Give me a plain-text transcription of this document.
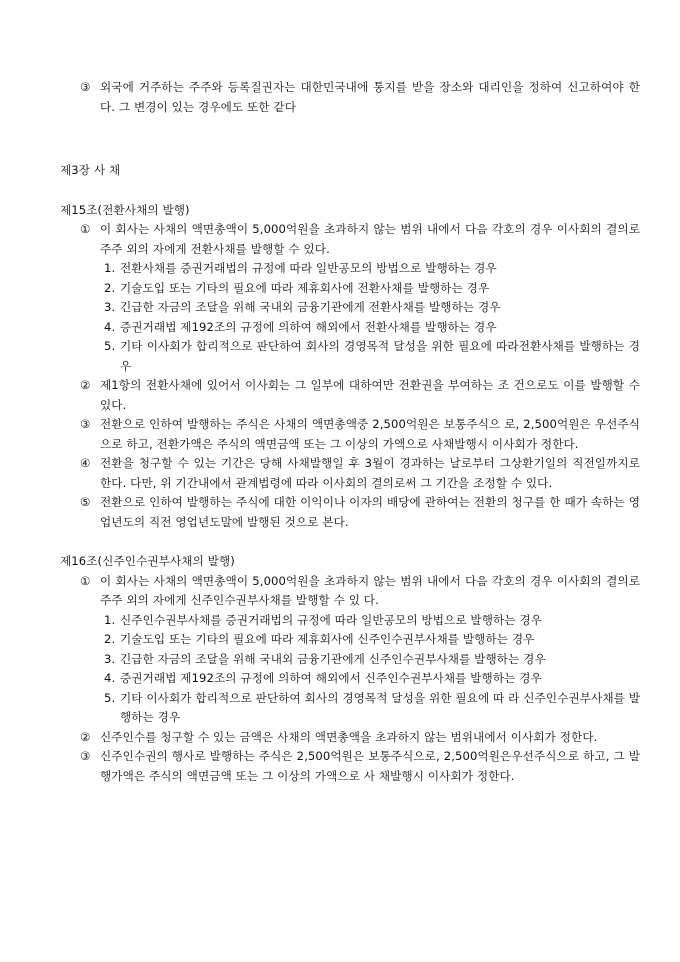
③ 외국에 거주하는 주주와 등록질권자는 대한민국내에 통지를 받을 장소와 대리인을 정하여 신고하여야 한다. 그 변경이 있는 경우에도 또한 같다
제3장 사 채
제15조(전환사채의 발행)
① 이 회사는 사채의 액면총액이 5,000억원을 초과하지 않는 범위 내에서 다음 각호의 경우 이사회의 결의로 주주 외의 자에게 전환사채를 발행할 수 있다.
1. 전환사채를 증권거래법의 규정에 따라 일반공모의 방법으로 발행하는 경우
2. 기술도입 또는 기타의 필요에 따라 제휴회사에 전환사채를 발행하는 경우
3. 긴급한 자금의 조달을 위해 국내외 금융기관에게 전환사채를 발행하는 경우
4. 증권거래법 제192조의 규정에 의하여 해외에서 전환사채를 발행하는 경우
5. 기타 이사회가 합리적으로 판단하여 회사의 경영목적 달성을 위한 필요에 따라전환사채를 발행하는 경우
② 제1항의 전환사채에 있어서 이사회는 그 일부에 대하여만 전환권을 부여하는 조 건으로도 이를 발행할 수 있다.
③ 전환으로 인하여 발행하는 주식은 사채의 액면총액중 2,500억원은 보통주식으 로, 2,500억원은 우선주식으로 하고, 전환가액은 주식의 액면금액 또는 그 이상의 가액으로 사채발행시 이사회가 정한다.
④ 전환을 청구할 수 있는 기간은 당해 사채발행일 후 3월이 경과하는 날로부터 그상환기일의 직전일까지로 한다. 다만, 위 기간내에서 관계법령에 따라 이사회의 결의로써 그 기간을 조정할 수 있다.
⑤ 전환으로 인하여 발행하는 주식에 대한 이익이나 이자의 배당에 관하여는 전환의 청구를 한 때가 속하는 영업년도의 직전 영업년도말에 발행된 것으로 본다.
제16조(신주인수권부사채의 발행)
① 이 회사는 사채의 액면총액이 5,000억원을 초과하지 않는 범위 내에서 다음 각호의 경우 이사회의 결의로 주주 외의 자에게 신주인수권부사채를 발행할 수 있 다.
1. 신주인수권부사채를 증권거래법의 규정에 따라 일반공모의 방법으로 발행하는 경우
2. 기술도입 또는 기타의 필요에 따라 제휴회사에 신주인수권부사채를 발행하는 경우
3. 긴급한 자금의 조달을 위해 국내외 금융기관에게 신주인수권부사채를 발행하는 경우
4. 증권거래법 제192조의 규정에 의하여 해외에서 신주인수권부사채를 발행하는 경우
5. 기타 이사회가 합리적으로 판단하여 회사의 경영목적 달성을 위한 필요에 따 라 신주인수권부사채를 발행하는 경우
② 신주인수를 청구할 수 있는 금액은 사채의 액면총액을 초과하지 않는 범위내에서 이사회가 정한다.
③ 신주인수권의 행사로 발행하는 주식은 2,500억원은 보통주식으로, 2,500억원은우선주식으로 하고, 그 발행가액은 주식의 액면금액 또는 그 이상의 가액으로 사 채발행시 이사회가 정한다.
